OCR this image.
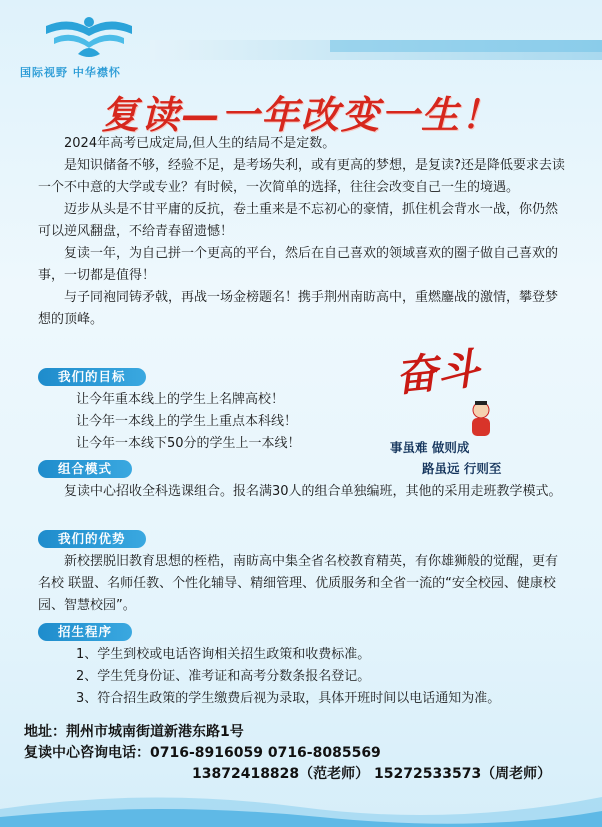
国际视野 中华襟怀
复读—一年改变一生！

2024年高考已成定局,但人生的结局不是定数。

是知识储备不够，经验不足，是考场失利，或有更高的梦想，是复读?还是降低要求去读一个不中意的大学或专业？有时候，一次简单的选择，往往会改变自己一生的境遇。

迈步从头是不甘平庸的反抗，卷土重来是不忘初心的豪情，抓住机会背水一战，你仍然可以逆风翻盘，不给青春留遗憾！

复读一年，为自己拼一个更高的平台，然后在自己喜欢的领域喜欢的圈子做自己喜欢的事，一切都是值得！

与子同袍同铸矛戟，再战一场金榜题名！携手荆州南眆高中，重燃鏖战的激情，攀登梦想的顶峰。

我们的目标
让今年重本线上的学生上名牌高校！
让今年一本线上的学生上重点本科线！
让今年一本线下50分的学生上一本线！
组合模式
复读中心招收全科选课组合。报名满30人的组合单独编班，其他的采用走班教学模式。
我们的优势
新校摆脱旧教育思想的桎梏，南眆高中集全省名校教育精英，有你雄狮般的觉醒，更有名校 联盟、名师任教、个性化辅导、精细管理、优质服务和全省一流的“安全校园、健康校园、智慧校园”。
招生程序
1、学生到校或电话咨询相关招生政策和收费标准。
2、学生凭身份证、准考证和高考分数条报名登记。
3、符合招生政策的学生缴费后视为录取，具体开班时间以电话通知为准。
奋斗
事虽难 做则成
路虽远 行则至
地址：荆州市城南街道新港东路1号
复读中心咨询电话：0716-8916059 0716-8085569
13872418828（范老师） 15272533573（周老师）
